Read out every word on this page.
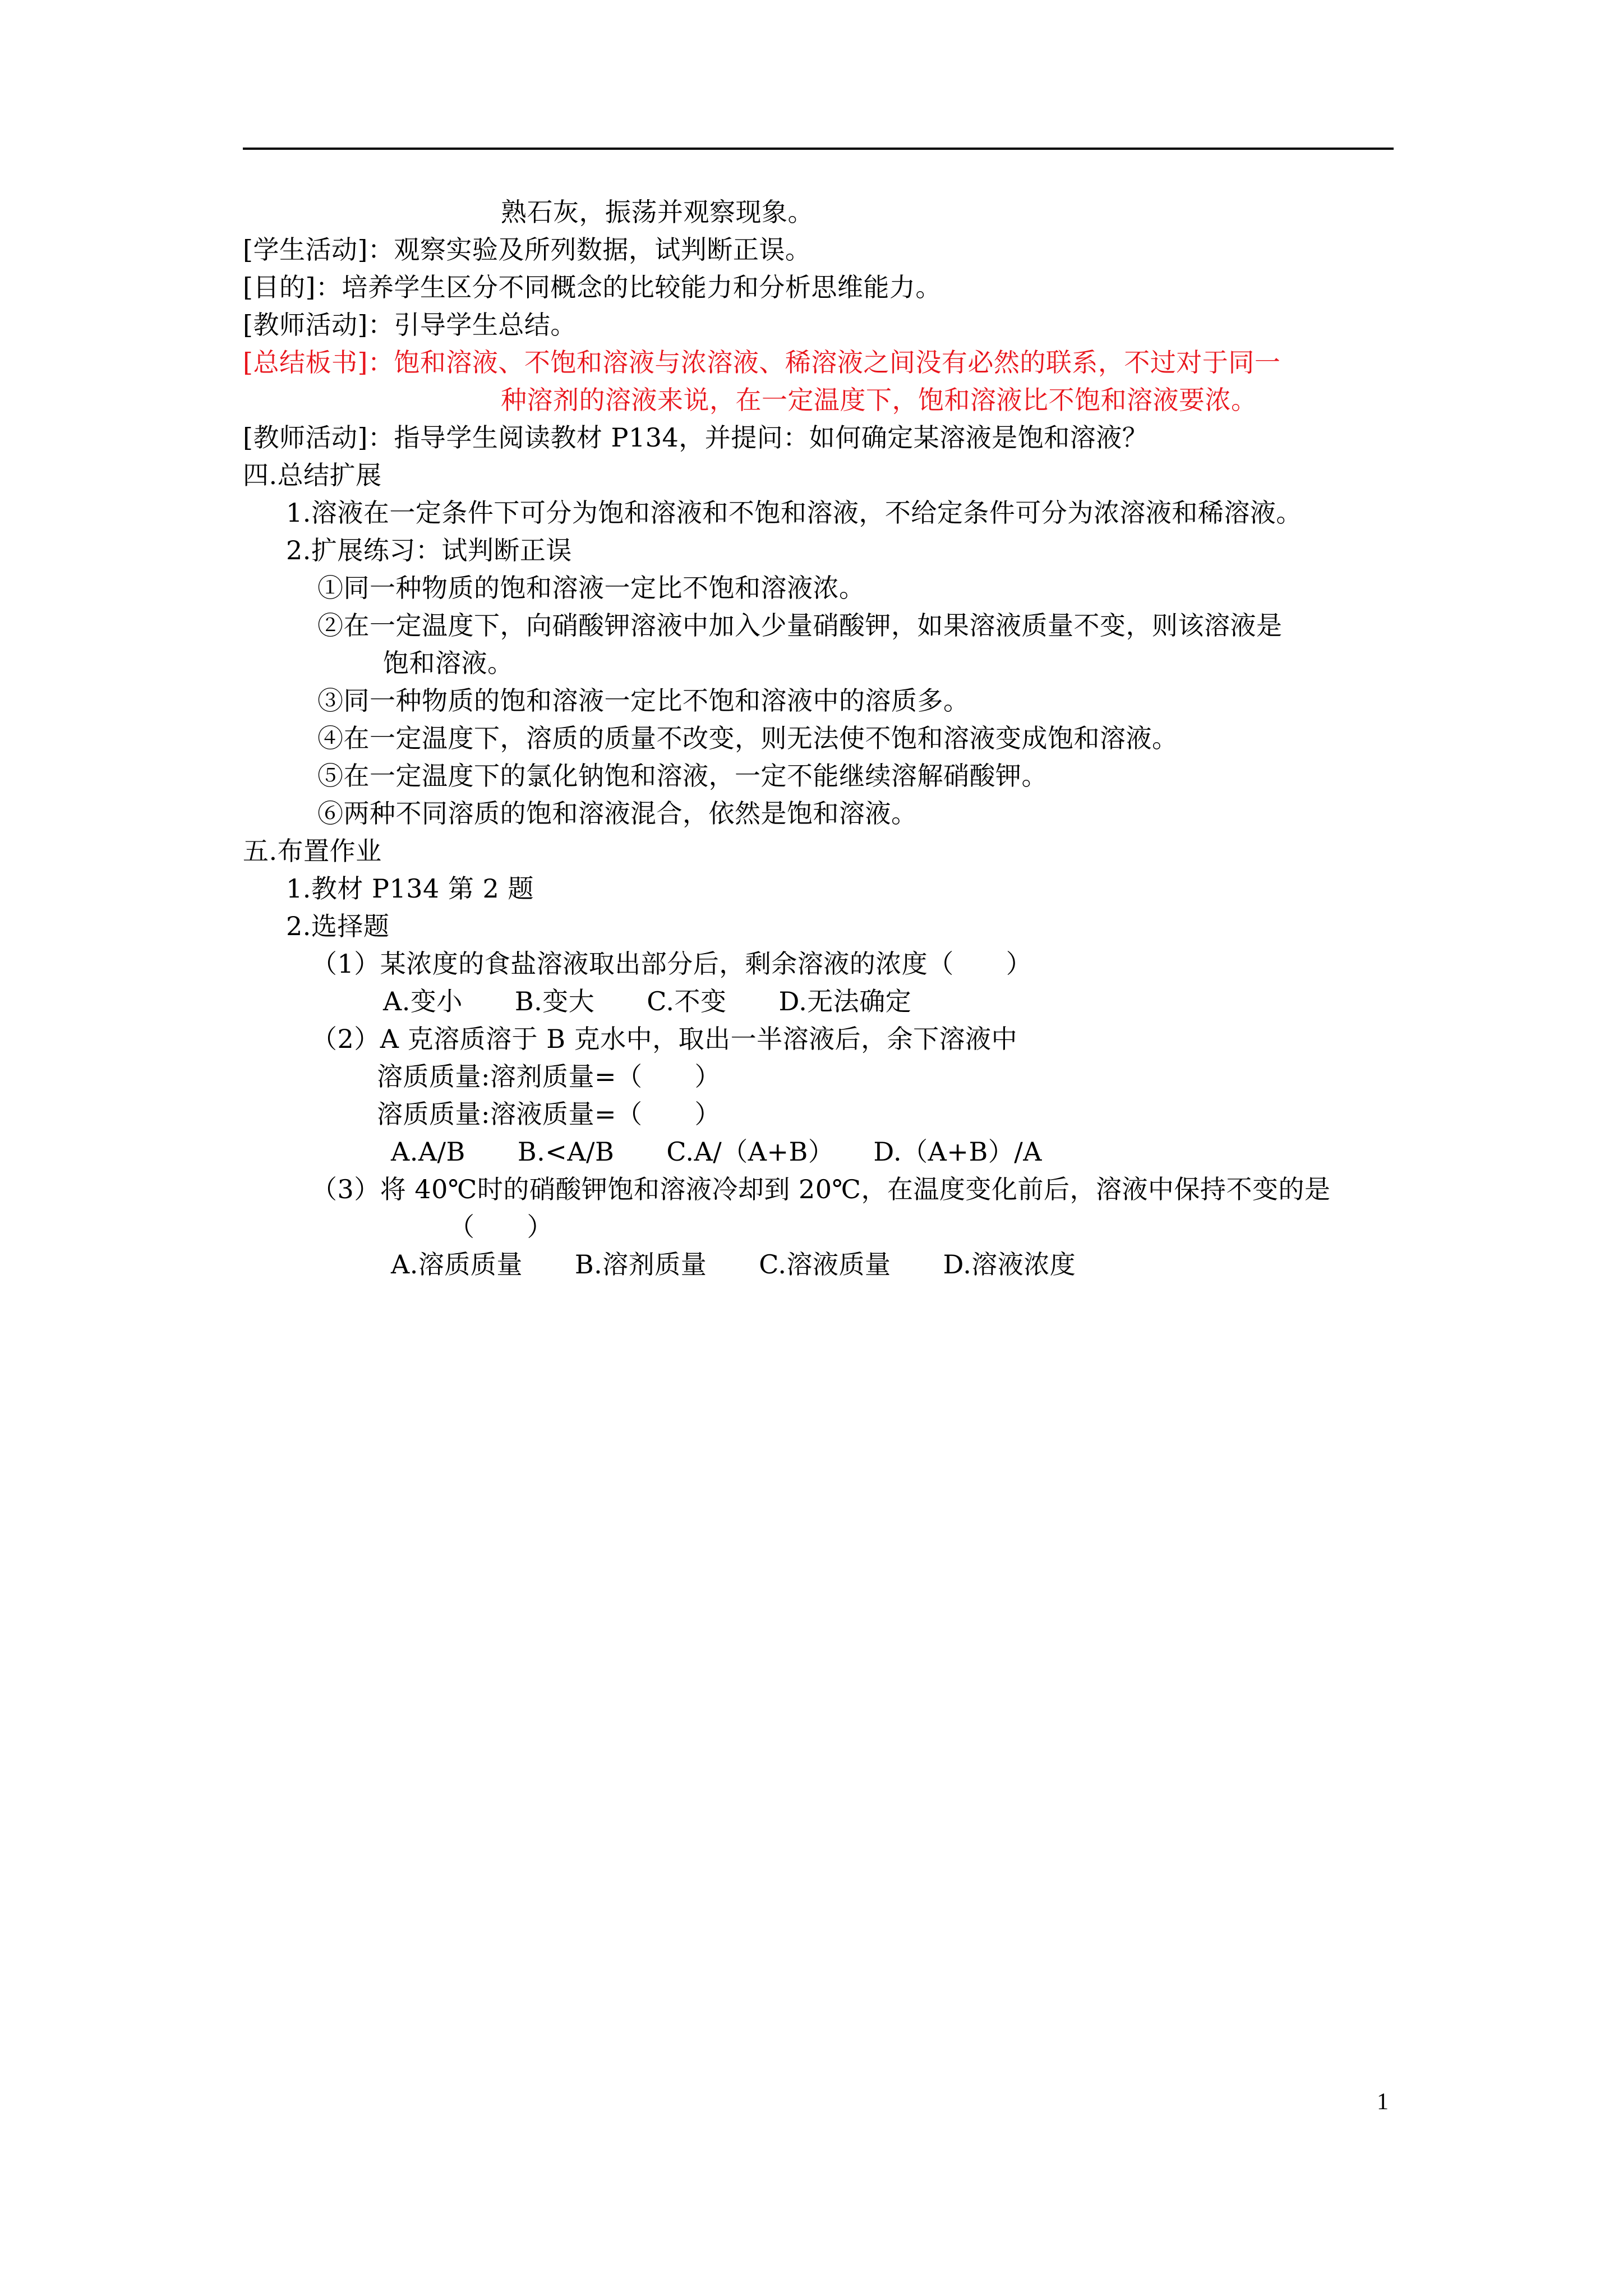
熟石灰，振荡并观察现象。
[学生活动]：观察实验及所列数据，试判断正误。
[目的]：培养学生区分不同概念的比较能力和分析思维能力。
[教师活动]：引导学生总结。
[总结板书]：饱和溶液、不饱和溶液与浓溶液、稀溶液之间没有必然的联系，不过对于同一
种溶剂的溶液来说，在一定温度下，饱和溶液比不饱和溶液要浓。
[教师活动]：指导学生阅读教材 P134，并提问：如何确定某溶液是饱和溶液？
四.总结扩展
1.溶液在一定条件下可分为饱和溶液和不饱和溶液，不给定条件可分为浓溶液和稀溶液。
2.扩展练习：试判断正误
①同一种物质的饱和溶液一定比不饱和溶液浓。
②在一定温度下，向硝酸钾溶液中加入少量硝酸钾，如果溶液质量不变，则该溶液是
饱和溶液。
③同一种物质的饱和溶液一定比不饱和溶液中的溶质多。
④在一定温度下，溶质的质量不改变，则无法使不饱和溶液变成饱和溶液。
⑤在一定温度下的氯化钠饱和溶液，一定不能继续溶解硝酸钾。
⑥两种不同溶质的饱和溶液混合，依然是饱和溶液。
五.布置作业
1.教材 P134 第 2 题
2.选择题
（1）某浓度的食盐溶液取出部分后，剩余溶液的浓度（　　）
A.变小　　B.变大　　C.不变　　D.无法确定
（2）A 克溶质溶于 B 克水中，取出一半溶液后，余下溶液中
溶质质量:溶剂质量=（　　）
溶质质量:溶液质量=（　　）
A.A/B　　B.<A/B　　C.A/（A+B）　　D.（A+B）/A
（3）将 40℃时的硝酸钾饱和溶液冷却到 20℃，在温度变化前后，溶液中保持不变的是
（　　）
A.溶质质量　　B.溶剂质量　　C.溶液质量　　D.溶液浓度
1
